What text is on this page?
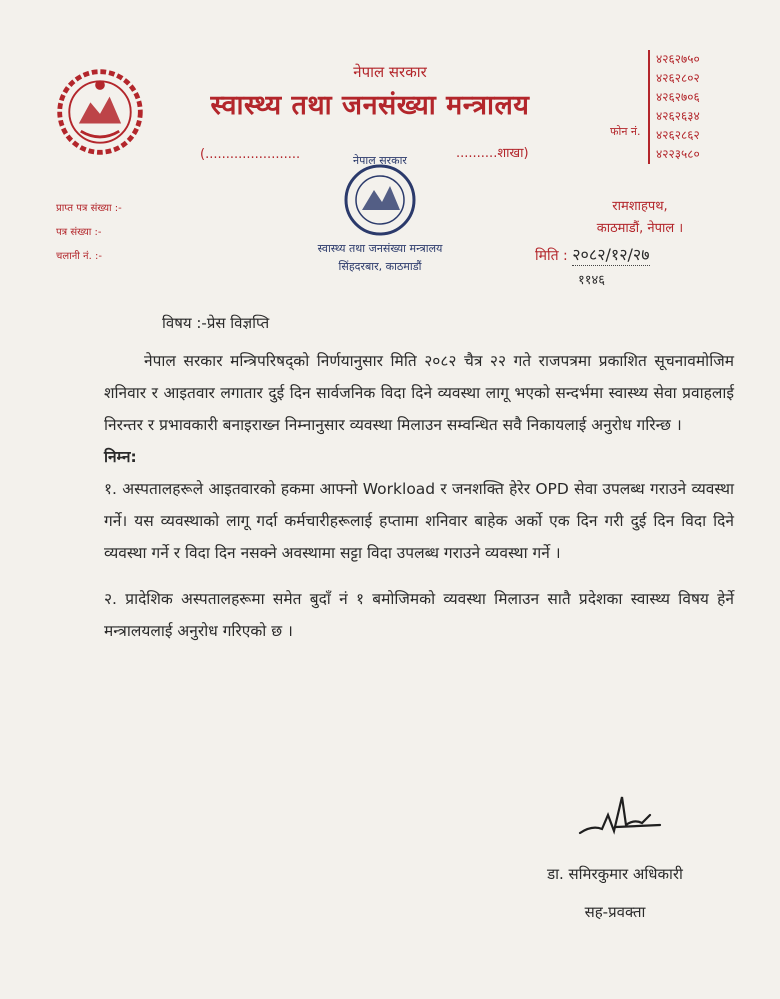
नेपाल सरकार
स्वास्थ्य तथा जनसंख्या मन्त्रालय
(.......................	..........शाखा)
फोन नं.
४२६२७५०
४२६२८०२
४२६२७०६
४२६२६३४
४२६२८६२
४२२३५८०
रामशाहपथ,
काठमाडौं, नेपाल ।
प्राप्त पत्र संख्या :-
पत्र संख्या :-
चलानी नं. :-
नेपाल सरकार
स्वास्थ्य तथा जनसंख्या मन्त्रालय
सिंहदरबार, काठमाडौं
मिति : २०८२/१२/२७
११४६
विषय :-प्रेस विज्ञप्ति

नेपाल सरकार मन्त्रिपरिषद्को निर्णयानुसार मिति २०८२ चैत्र २२ गते राजपत्रमा प्रकाशित सूचनावमोजिम शनिवार र आइतवार लगातार दुई दिन सार्वजनिक विदा दिने व्यवस्था लागू भएको सन्दर्भमा स्वास्थ्य सेवा प्रवाहलाई निरन्तर र प्रभावकारी बनाइराख्न निम्नानुसार व्यवस्था मिलाउन सम्वन्धित सवै निकायलाई अनुरोध गरिन्छ ।

निम्न:

१. अस्पतालहरूले आइतवारको हकमा आफ्नो Workload र जनशक्ति हेरेर OPD सेवा उपलब्ध गराउने व्यवस्था गर्ने। यस व्यवस्थाको लागू गर्दा कर्मचारीहरूलाई हप्तामा शनिवार बाहेक अर्को एक दिन गरी दुई दिन विदा दिने व्यवस्था गर्ने र विदा दिन नसक्ने अवस्थामा सट्टा विदा उपलब्ध गराउने व्यवस्था गर्ने ।

२. प्रादेशिक अस्पतालहरूमा समेत बुदाँ नं १ बमोजिमको व्यवस्था मिलाउन सातै प्रदेशका स्वास्थ्य विषय हेर्ने मन्त्रालयलाई अनुरोध गरिएको छ ।

डा. समिरकुमार अधिकारी
सह-प्रवक्ता
